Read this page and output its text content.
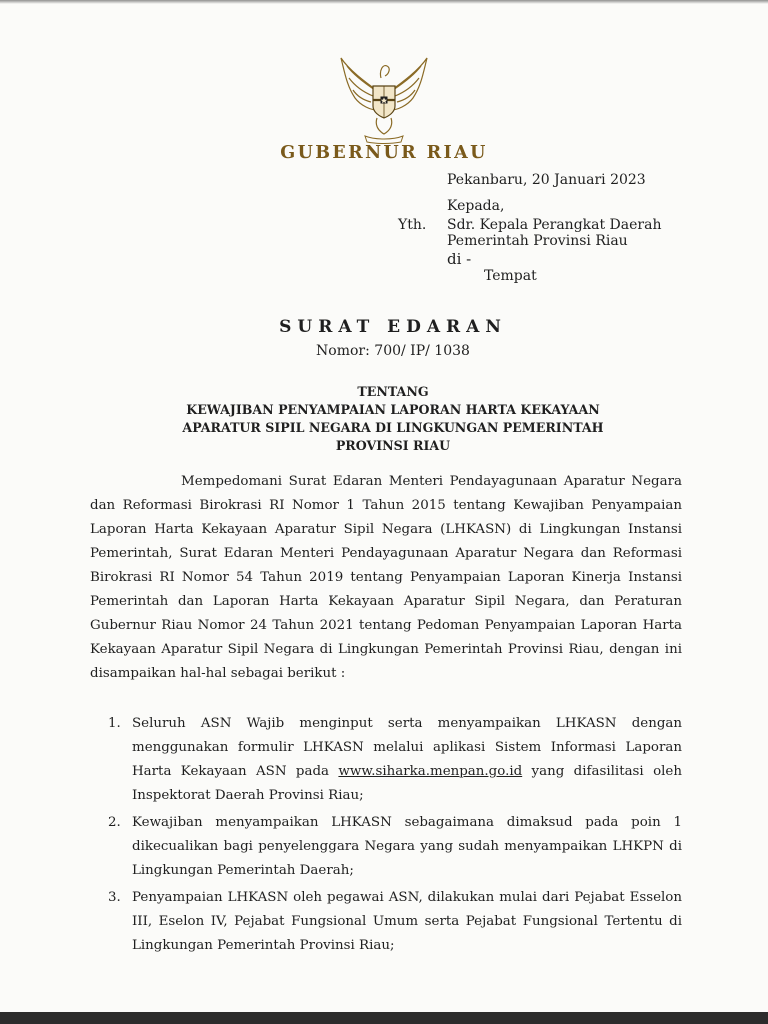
GUBERNUR RIAU
Pekanbaru, 20 Januari 2023
Kepada,
Yth. Sdr. Kepala Perangkat Daerah
Pemerintah Provinsi Riau
di -
Tempat
SURAT EDARAN
Nomor: 700/ IP/ 1038
TENTANG
KEWAJIBAN PENYAMPAIAN LAPORAN HARTA KEKAYAAN
APARATUR SIPIL NEGARA DI LINGKUNGAN PEMERINTAH
PROVINSI RIAU
Mempedomani Surat Edaran Menteri Pendayagunaan Aparatur Negara dan Reformasi Birokrasi RI Nomor 1 Tahun 2015 tentang Kewajiban Penyampaian Laporan Harta Kekayaan Aparatur Sipil Negara (LHKASN) di Lingkungan Instansi Pemerintah, Surat Edaran Menteri Pendayagunaan Aparatur Negara dan Reformasi Birokrasi RI Nomor 54 Tahun 2019 tentang Penyampaian Laporan Kinerja Instansi Pemerintah dan Laporan Harta Kekayaan Aparatur Sipil Negara, dan Peraturan Gubernur Riau Nomor 24 Tahun 2021 tentang Pedoman Penyampaian Laporan Harta Kekayaan Aparatur Sipil Negara di Lingkungan Pemerintah Provinsi Riau, dengan ini disampaikan hal-hal sebagai berikut :
1. Seluruh ASN Wajib menginput serta menyampaikan LHKASN dengan menggunakan formulir LHKASN melalui aplikasi Sistem Informasi Laporan Harta Kekayaan ASN pada www.siharka.menpan.go.id yang difasilitasi oleh Inspektorat Daerah Provinsi Riau;
2. Kewajiban menyampaikan LHKASN sebagaimana dimaksud pada poin 1 dikecualikan bagi penyelenggara Negara yang sudah menyampaikan LHKPN di Lingkungan Pemerintah Daerah;
3. Penyampaian LHKASN oleh pegawai ASN, dilakukan mulai dari Pejabat Esselon III, Eselon IV, Pejabat Fungsional Umum serta Pejabat Fungsional Tertentu di Lingkungan Pemerintah Provinsi Riau;
